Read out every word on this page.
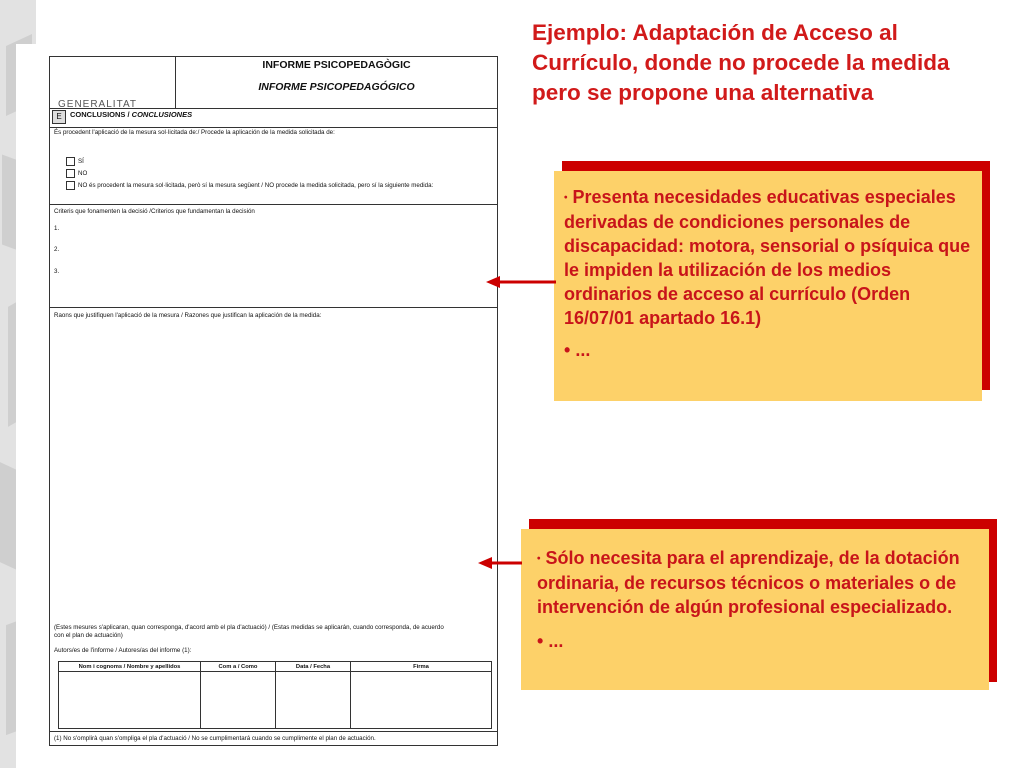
GENERALITAT
INFORME PSICOPEDAGÒGIC
INFORME PSICOPEDAGÓGICO
E	CONCLUSIONS / CONCLUSIONES
És procedent l'aplicació de la mesura sol·licitada de:/ Procede la aplicación de la medida solicitada de:
SÍ
NO
NO és procedent la mesura sol·licitada, però sí la mesura següent / NO procede la medida solicitada, pero sí la siguiente medida:
Criteris que fonamenten la decisió /Criterios que fundamentan la decisión
1.
2.
3.
Raons que justifiquen l'aplicació de la mesura / Razones que justifican la aplicación de la medida:
(Estes mesures s'aplicaran, quan corresponga, d'acord amb el pla d'actuació) / (Estas medidas se aplicarán, cuando corresponda, de acuerdo
con el plan de actuación)
Autors/es de l'informe / Autores/as del informe (1):
Nom i cognoms / Nombre y apellidos	Com a / Como	Data / Fecha	Firma
(1) No s'omplirà quan s'ompliga el pla d'actuació / No se cumplimentará cuando se cumplimente el plan de actuación.
Ejemplo: Adaptación de Acceso al Currículo, donde no procede la medida pero se propone una alternativa

• Presenta necesidades educativas especiales derivadas de condiciones personales de discapacidad: motora, sensorial o psíquica que le impiden la utilización de los medios ordinarios de acceso al currículo (Orden 16/07/01 apartado 16.1)

• ...

• Sólo necesita para el aprendizaje, de la dotación ordinaria, de recursos técnicos o materiales o de intervención de algún profesional especializado.

• ...
